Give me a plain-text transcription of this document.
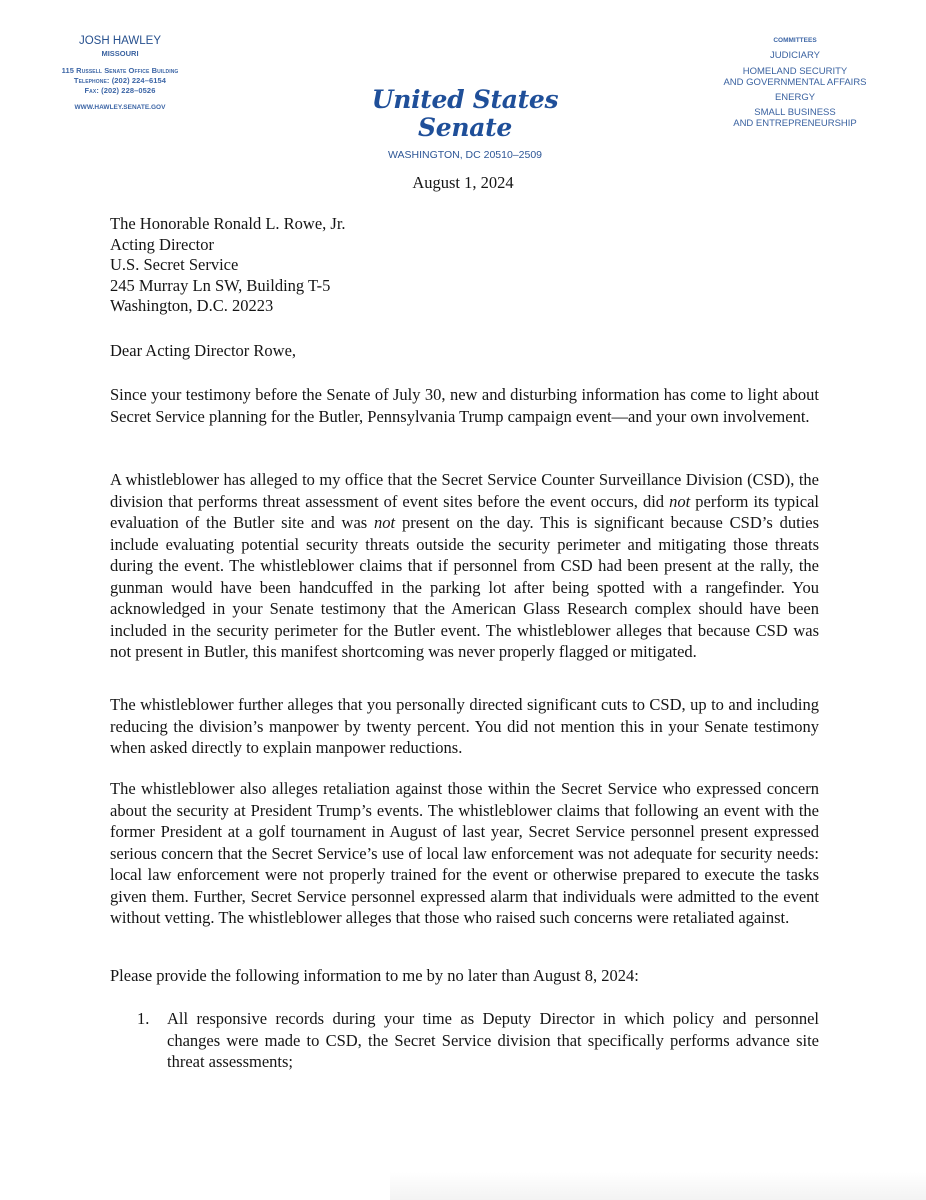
JOSH HAWLEY
MISSOURI
115 Russell Senate Office Building
Telephone: (202) 224–6154
Fax: (202) 228–0526
WWW.HAWLEY.SENATE.GOV	United States Senate
WASHINGTON, DC 20510–2509
COMMITTEES
JUDICIARY
HOMELAND SECURITY
AND GOVERNMENTAL AFFAIRS
ENERGY
SMALL BUSINESS
AND ENTREPRENEURSHIP
August 1, 2024
The Honorable Ronald L. Rowe, Jr.
Acting Director
U.S. Secret Service
245 Murray Ln SW, Building T-5
Washington, D.C. 20223
Dear Acting Director Rowe,
Since your testimony before the Senate of July 30, new and disturbing information has come to light about Secret Service planning for the Butler, Pennsylvania Trump campaign event—and your own involvement.
A whistleblower has alleged to my office that the Secret Service Counter Surveillance Division (CSD), the division that performs threat assessment of event sites before the event occurs, did not perform its typical evaluation of the Butler site and was not present on the day. This is significant because CSD’s duties include evaluating potential security threats outside the security perimeter and mitigating those threats during the event. The whistleblower claims that if personnel from CSD had been present at the rally, the gunman would have been handcuffed in the parking lot after being spotted with a rangefinder. You acknowledged in your Senate testimony that the American Glass Research complex should have been included in the security perimeter for the Butler event. The whistleblower alleges that because CSD was not present in Butler, this manifest shortcoming was never properly flagged or mitigated.
The whistleblower further alleges that you personally directed significant cuts to CSD, up to and including reducing the division’s manpower by twenty percent. You did not mention this in your Senate testimony when asked directly to explain manpower reductions.
The whistleblower also alleges retaliation against those within the Secret Service who expressed concern about the security at President Trump’s events. The whistleblower claims that following an event with the former President at a golf tournament in August of last year, Secret Service personnel present expressed serious concern that the Secret Service’s use of local law enforcement was not adequate for security needs: local law enforcement were not properly trained for the event or otherwise prepared to execute the tasks given them. Further, Secret Service personnel expressed alarm that individuals were admitted to the event without vetting. The whistleblower alleges that those who raised such concerns were retaliated against.
Please provide the following information to me by no later than August 8, 2024:
1. All responsive records during your time as Deputy Director in which policy and personnel changes were made to CSD, the Secret Service division that specifically performs advance site threat assessments;
